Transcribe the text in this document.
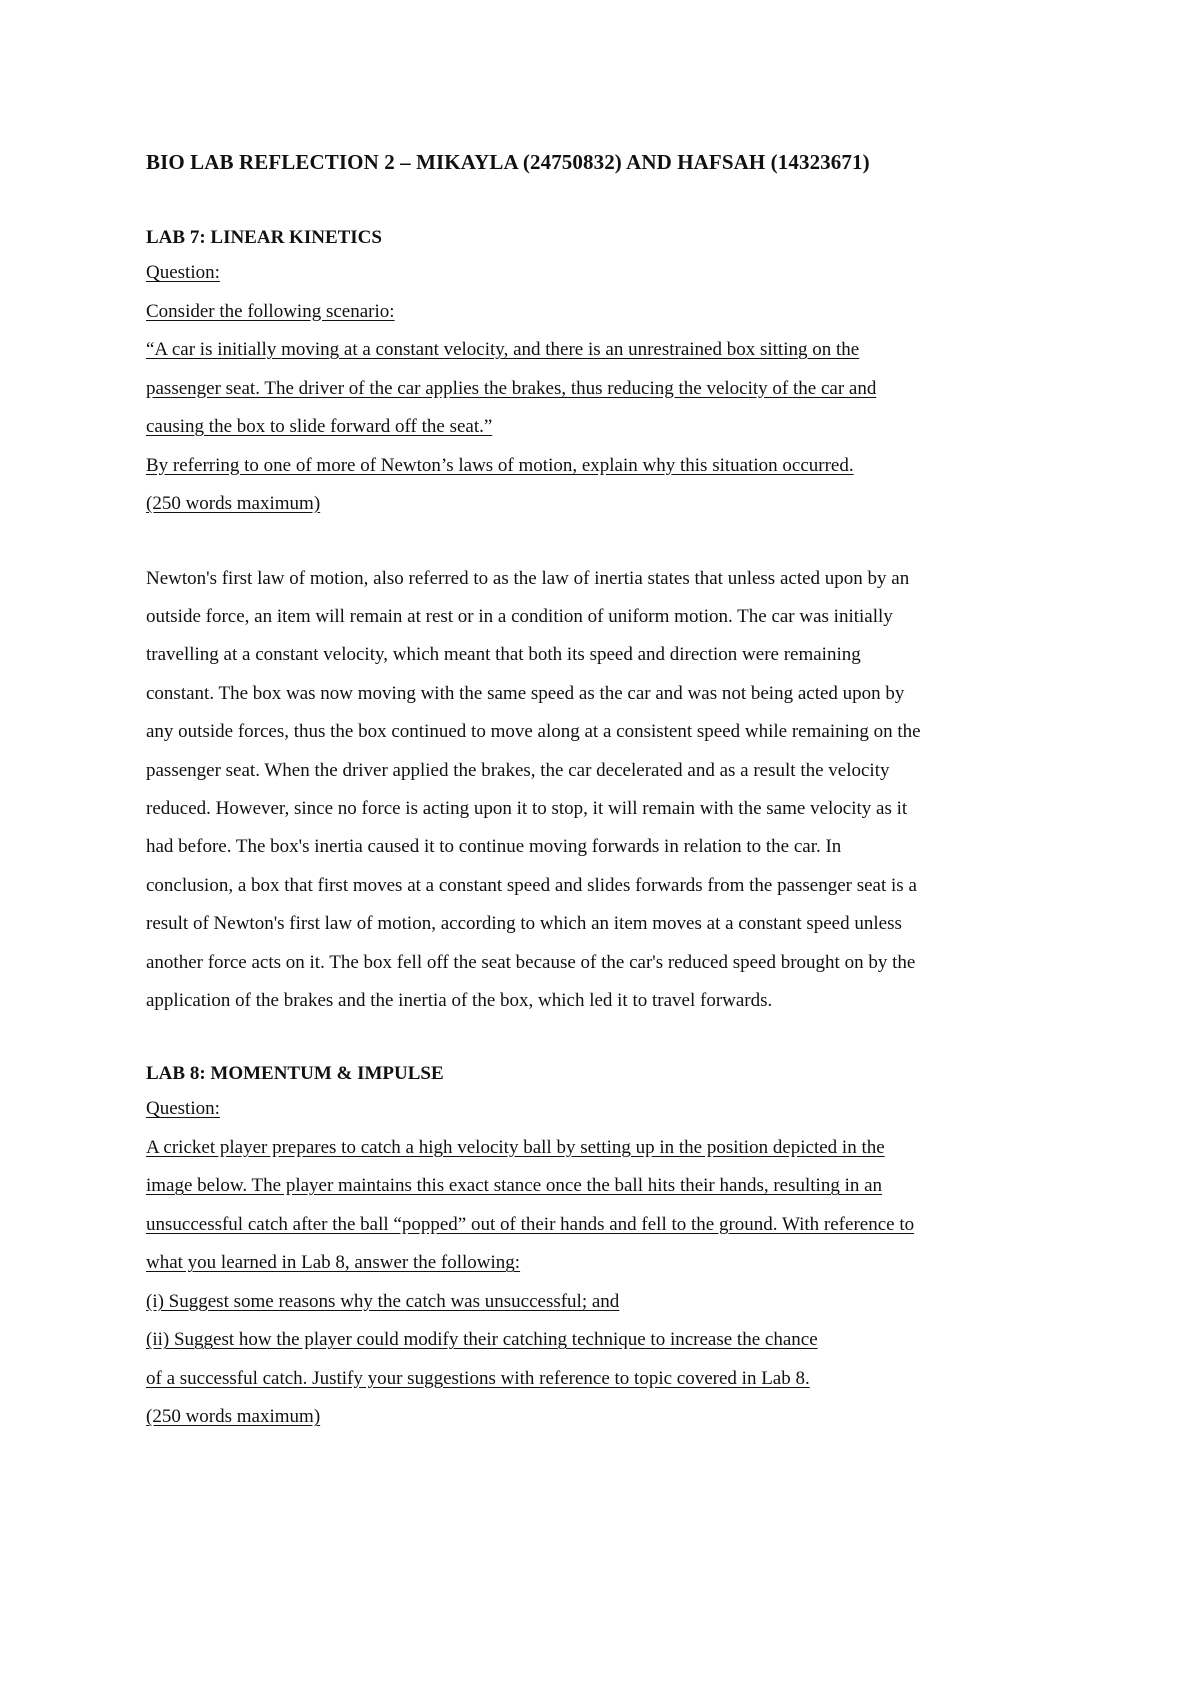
BIO LAB REFLECTION 2 – MIKAYLA (24750832) AND HAFSAH (14323671)
LAB 7: LINEAR KINETICS

Question:

Consider the following scenario:

“A car is initially moving at a constant velocity, and there is an unrestrained box sitting on the

passenger seat. The driver of the car applies the brakes, thus reducing the velocity of the car and

causing the box to slide forward off the seat.”

By referring to one of more of Newton’s laws of motion, explain why this situation occurred.

(250 words maximum)

Newton's first law of motion, also referred to as the law of inertia states that unless acted upon by an
outside force, an item will remain at rest or in a condition of uniform motion. The car was initially
travelling at a constant velocity, which meant that both its speed and direction were remaining
constant. The box was now moving with the same speed as the car and was not being acted upon by
any outside forces, thus the box continued to move along at a consistent speed while remaining on the
passenger seat. When the driver applied the brakes, the car decelerated and as a result the velocity
reduced. However, since no force is acting upon it to stop, it will remain with the same velocity as it
had before. The box's inertia caused it to continue moving forwards in relation to the car. In
conclusion, a box that first moves at a constant speed and slides forwards from the passenger seat is a
result of Newton's first law of motion, according to which an item moves at a constant speed unless
another force acts on it. The box fell off the seat because of the car's reduced speed brought on by the
application of the brakes and the inertia of the box, which led it to travel forwards.

LAB 8: MOMENTUM & IMPULSE

Question:

A cricket player prepares to catch a high velocity ball by setting up in the position depicted in the

image below. The player maintains this exact stance once the ball hits their hands, resulting in an

unsuccessful catch after the ball “popped” out of their hands and fell to the ground. With reference to

what you learned in Lab 8, answer the following:

(i) Suggest some reasons why the catch was unsuccessful; and

(ii) Suggest how the player could modify their catching technique to increase the chance

of a successful catch. Justify your suggestions with reference to topic covered in Lab 8.

(250 words maximum)
